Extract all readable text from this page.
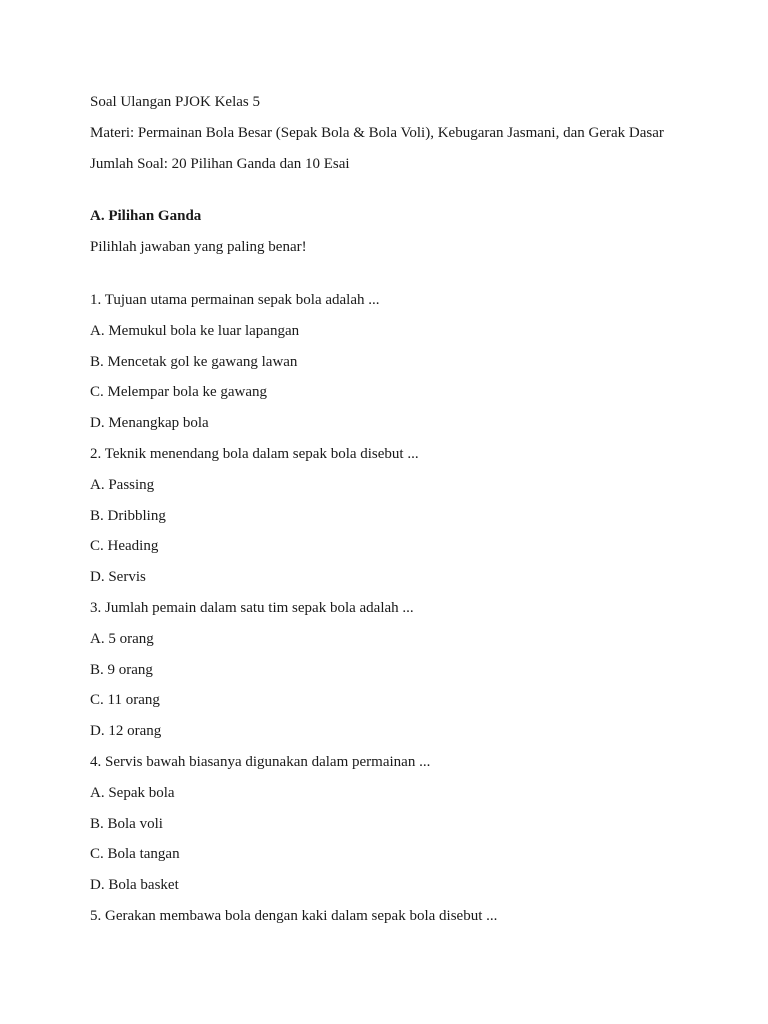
Soal Ulangan PJOK Kelas 5
Materi: Permainan Bola Besar (Sepak Bola & Bola Voli), Kebugaran Jasmani, dan Gerak Dasar
Jumlah Soal: 20 Pilihan Ganda dan 10 Esai
A. Pilihan Ganda
Pilihlah jawaban yang paling benar!
1. Tujuan utama permainan sepak bola adalah ...
A. Memukul bola ke luar lapangan
B. Mencetak gol ke gawang lawan
C. Melempar bola ke gawang
D. Menangkap bola
2. Teknik menendang bola dalam sepak bola disebut ...
A. Passing
B. Dribbling
C. Heading
D. Servis
3. Jumlah pemain dalam satu tim sepak bola adalah ...
A. 5 orang
B. 9 orang
C. 11 orang
D. 12 orang
4. Servis bawah biasanya digunakan dalam permainan ...
A. Sepak bola
B. Bola voli
C. Bola tangan
D. Bola basket
5. Gerakan membawa bola dengan kaki dalam sepak bola disebut ...
